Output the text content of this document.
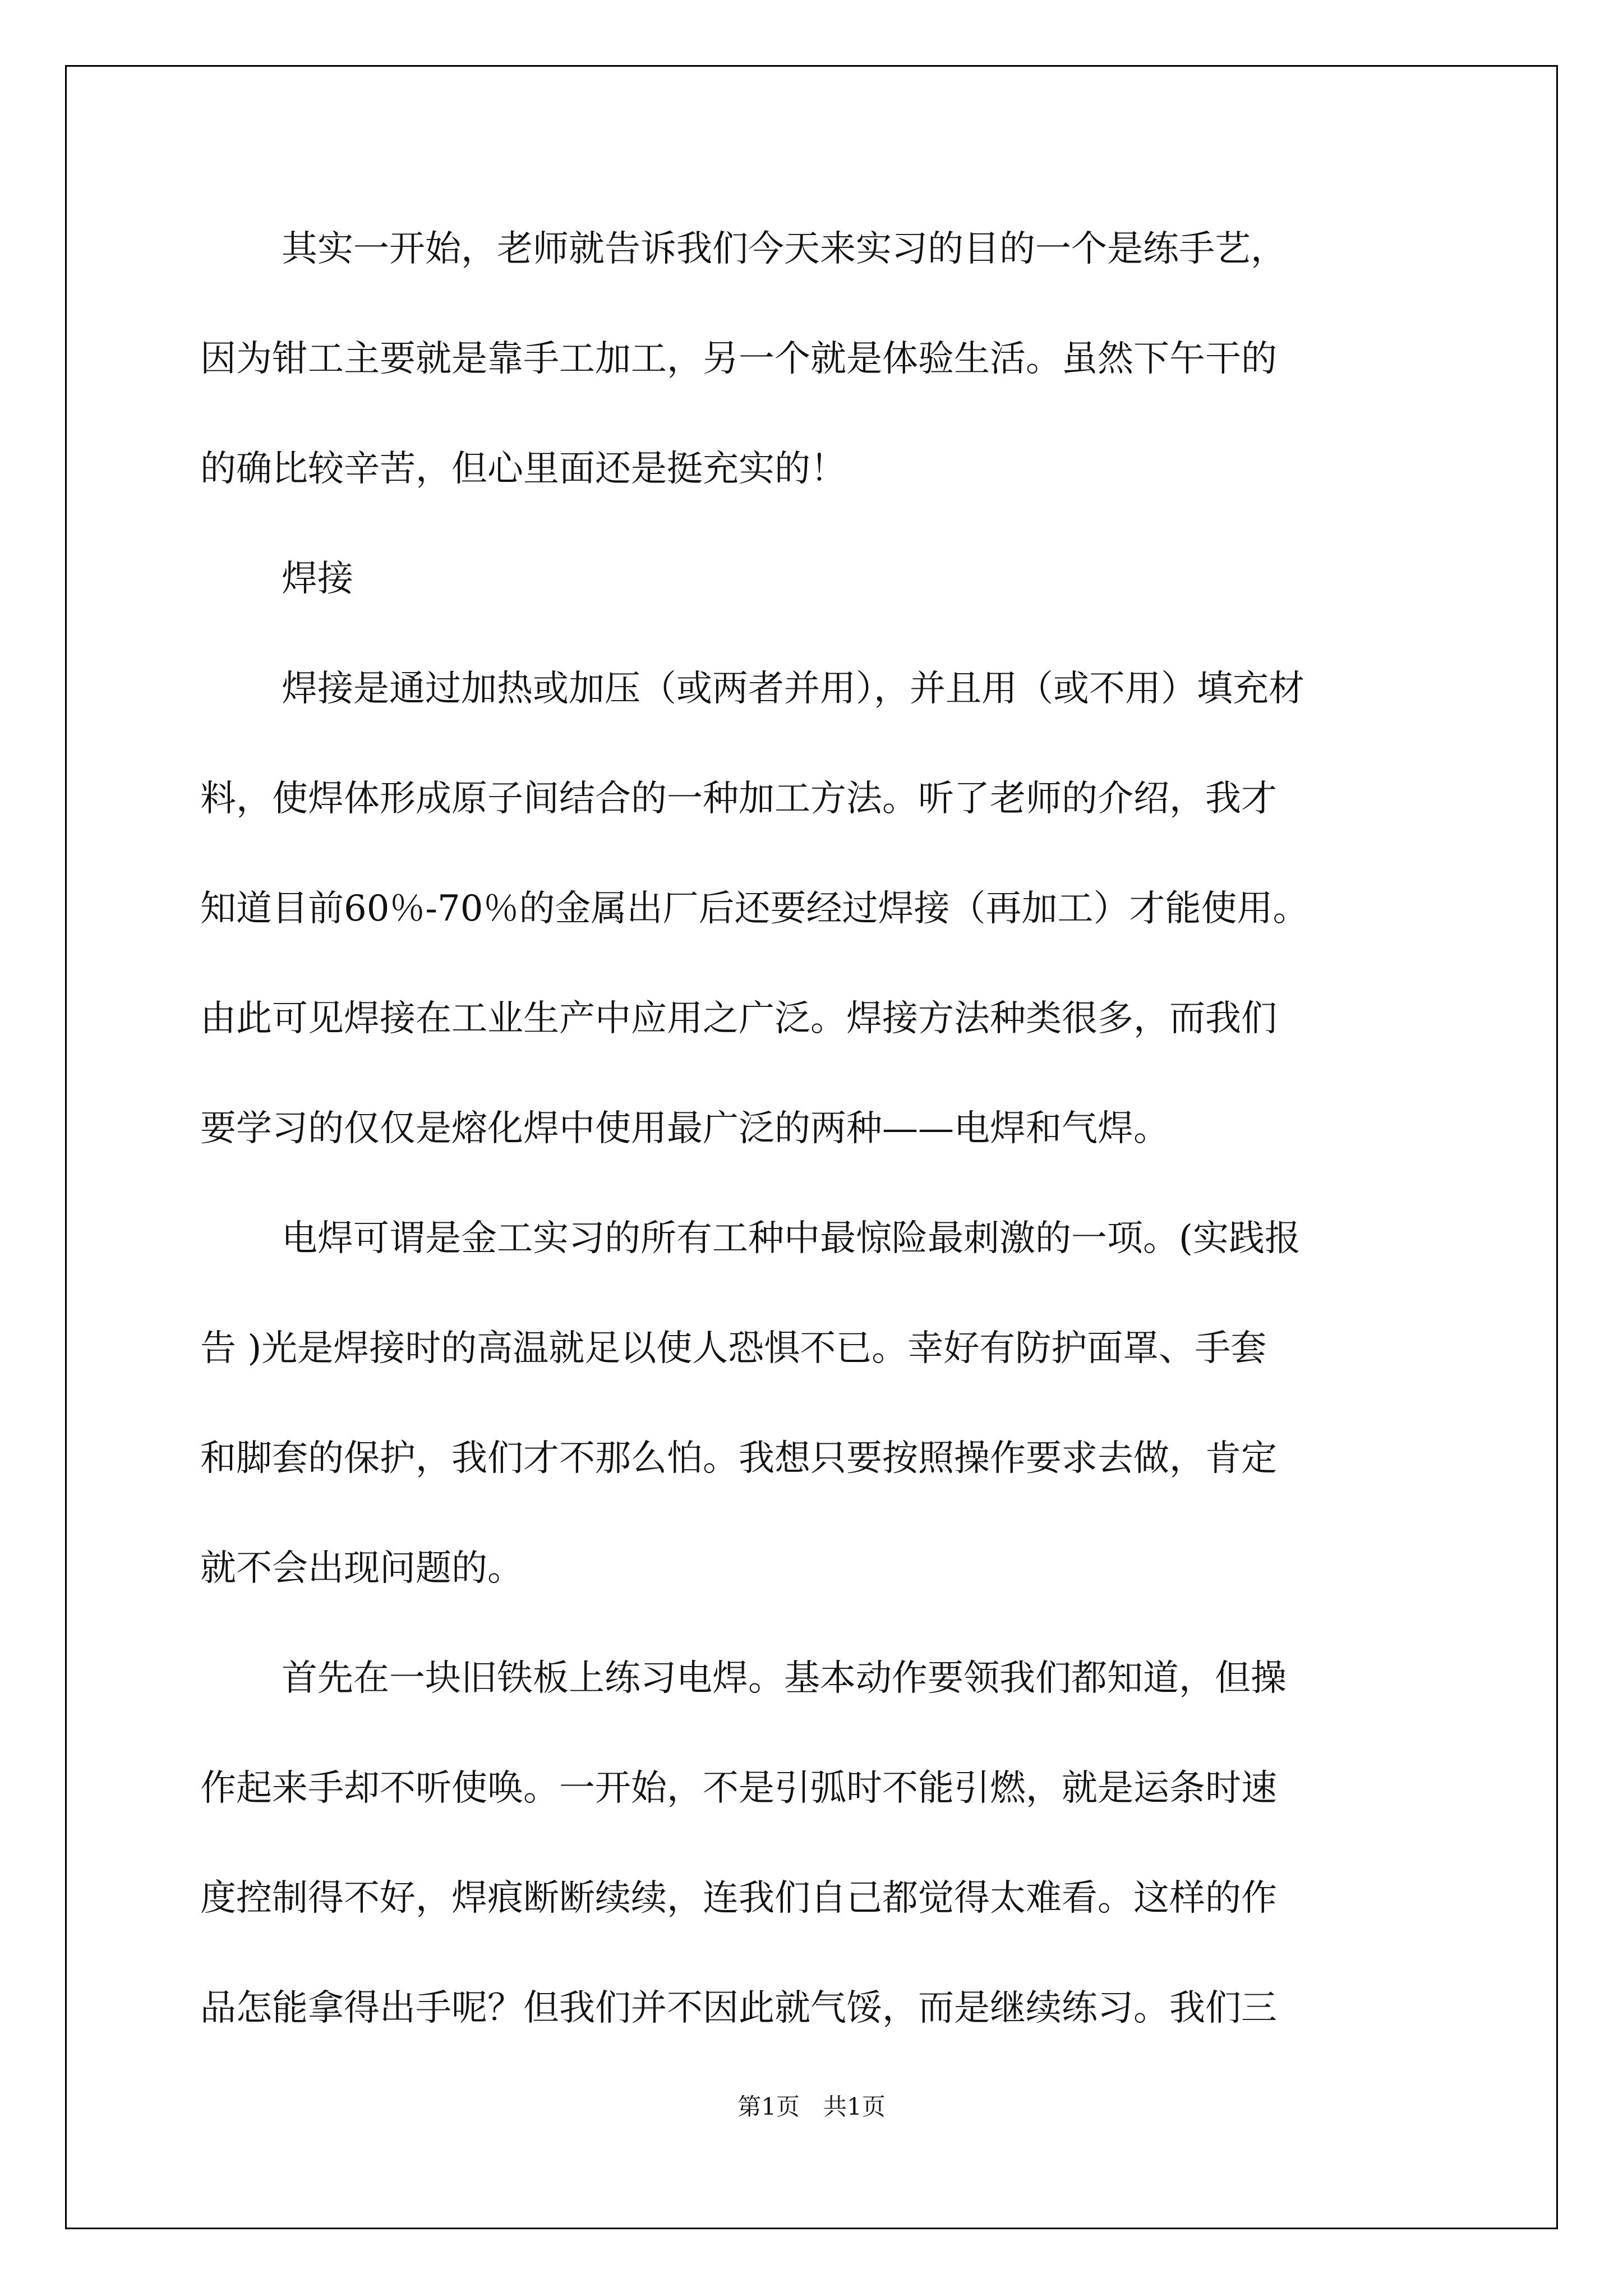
其实一开始，老师就告诉我们今天来实习的目的一个是练手艺，
因为钳工主要就是靠手工加工，另一个就是体验生活。虽然下午干的
的确比较辛苦，但心里面还是挺充实的！
焊接
焊接是通过加热或加压（或两者并用），并且用（或不用）填充材
料，使焊体形成原子间结合的一种加工方法。听了老师的介绍，我才
知道目前60％-70％的金属出厂后还要经过焊接（再加工）才能使用。
由此可见焊接在工业生产中应用之广泛。焊接方法种类很多，而我们
要学习的仅仅是熔化焊中使用最广泛的两种——电焊和气焊。
电焊可谓是金工实习的所有工种中最惊险最刺激的一项。(实践报
告 )光是焊接时的高温就足以使人恐惧不已。幸好有防护面罩、手套
和脚套的保护，我们才不那么怕。我想只要按照操作要求去做，肯定
就不会出现问题的。
首先在一块旧铁板上练习电焊。基本动作要领我们都知道，但操
作起来手却不听使唤。一开始，不是引弧时不能引燃，就是运条时速
度控制得不好，焊痕断断续续，连我们自己都觉得太难看。这样的作
品怎能拿得出手呢？但我们并不因此就气馁，而是继续练习。我们三
第1页　共1页
